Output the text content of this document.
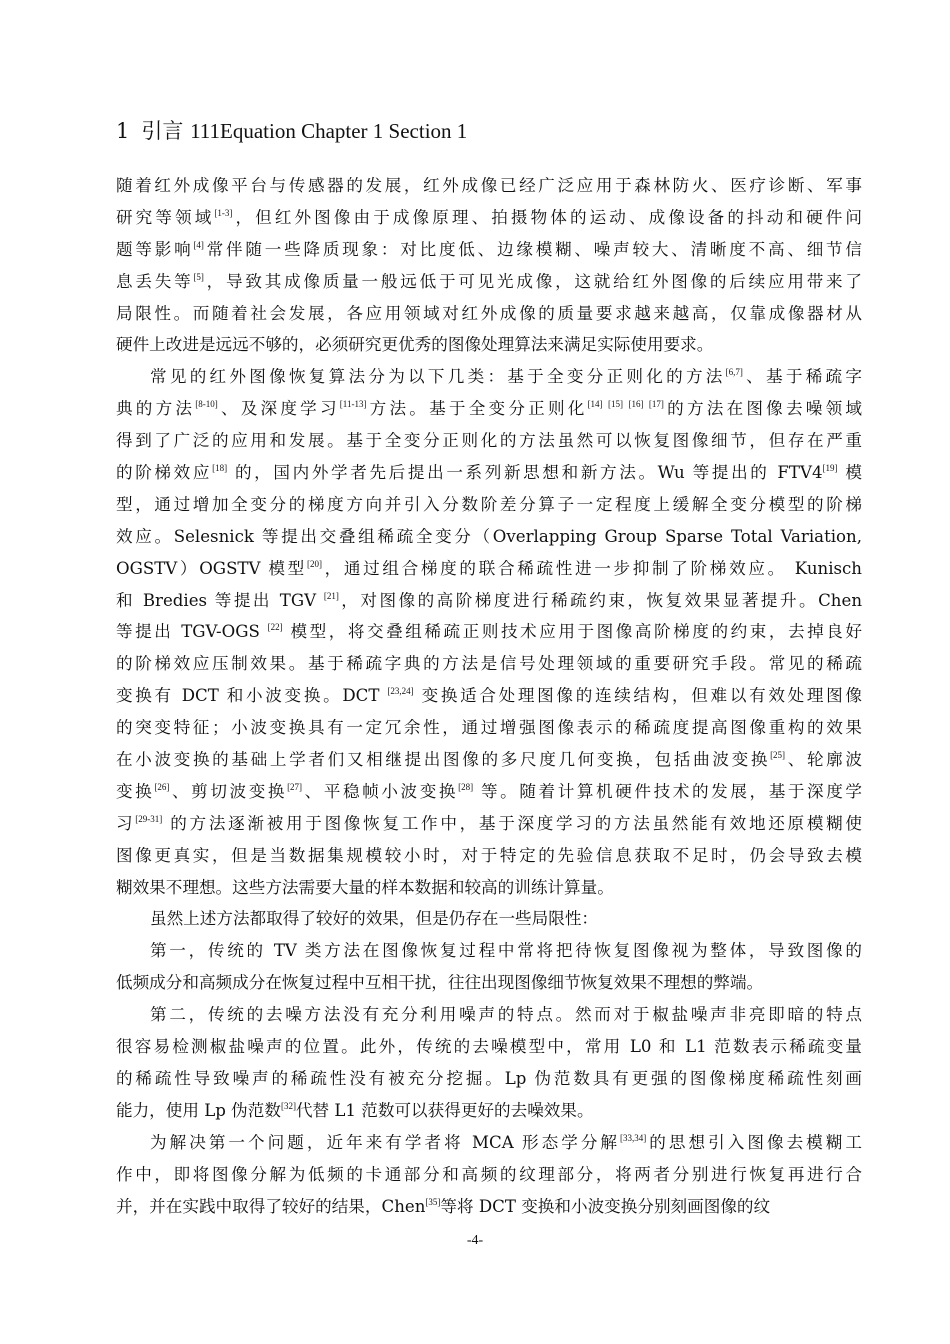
1 引言 111Equation Chapter 1 Section 1
随着红外成像平台与传感器的发展，红外成像已经广泛应用于森林防火、医疗诊断、军事
研究等领域[1-3]，但红外图像由于成像原理、拍摄物体的运动、成像设备的抖动和硬件问
题等影响[4]常伴随一些降质现象：对比度低、边缘模糊、噪声较大、清晰度不高、细节信
息丢失等[5]，导致其成像质量一般远低于可见光成像，这就给红外图像的后续应用带来了
局限性。而随着社会发展，各应用领域对红外成像的质量要求越来越高，仅靠成像器材从
硬件上改进是远远不够的，必须研究更优秀的图像处理算法来满足实际使用要求。
常见的红外图像恢复算法分为以下几类：基于全变分正则化的方法[6,7]、基于稀疏字
典的方法[8-10]、及深度学习[11-13]方法。基于全变分正则化[14] [15] [16] [17]的方法在图像去噪领域
得到了广泛的应用和发展。基于全变分正则化的方法虽然可以恢复图像细节，但存在严重
的阶梯效应[18] 的，国内外学者先后提出一系列新思想和新方法。Wu 等提出的 FTV4[19] 模
型，通过增加全变分的梯度方向并引入分数阶差分算子一定程度上缓解全变分模型的阶梯
效应。Selesnick 等提出交叠组稀疏全变分（Overlapping Group Sparse Total Variation,
OGSTV）OGSTV 模型[20]，通过组合梯度的联合稀疏性进一步抑制了阶梯效应。 Kunisch
和 Bredies 等提出 TGV [21]，对图像的高阶梯度进行稀疏约束，恢复效果显著提升。Chen
等提出 TGV-OGS [22] 模型，将交叠组稀疏正则技术应用于图像高阶梯度的约束，去掉良好
的阶梯效应压制效果。基于稀疏字典的方法是信号处理领域的重要研究手段。常见的稀疏
变换有 DCT 和小波变换。DCT [23,24] 变换适合处理图像的连续结构，但难以有效处理图像
的突变特征；小波变换具有一定冗余性，通过增强图像表示的稀疏度提高图像重构的效果
在小波变换的基础上学者们又相继提出图像的多尺度几何变换，包括曲波变换[25]、轮廓波
变换[26]、剪切波变换[27]、平稳帧小波变换[28] 等。随着计算机硬件技术的发展，基于深度学
习[29-31] 的方法逐渐被用于图像恢复工作中，基于深度学习的方法虽然能有效地还原模糊使
图像更真实，但是当数据集规模较小时，对于特定的先验信息获取不足时，仍会导致去模
糊效果不理想。这些方法需要大量的样本数据和较高的训练计算量。
虽然上述方法都取得了较好的效果，但是仍存在一些局限性：
第一，传统的 TV 类方法在图像恢复过程中常将把待恢复图像视为整体，导致图像的
低频成分和高频成分在恢复过程中互相干扰，往往出现图像细节恢复效果不理想的弊端。
第二，传统的去噪方法没有充分利用噪声的特点。然而对于椒盐噪声非亮即暗的特点
很容易检测椒盐噪声的位置。此外，传统的去噪模型中，常用 L0 和 L1 范数表示稀疏变量
的稀疏性导致噪声的稀疏性没有被充分挖掘。Lp 伪范数具有更强的图像梯度稀疏性刻画
能力，使用 Lp 伪范数[32]代替 L1 范数可以获得更好的去噪效果。
为解决第一个问题，近年来有学者将 MCA 形态学分解[33,34]的思想引入图像去模糊工
作中，即将图像分解为低频的卡通部分和高频的纹理部分，将两者分别进行恢复再进行合
并，并在实践中取得了较好的结果，Chen[35]等将 DCT 变换和小波变换分别刻画图像的纹
-4-
